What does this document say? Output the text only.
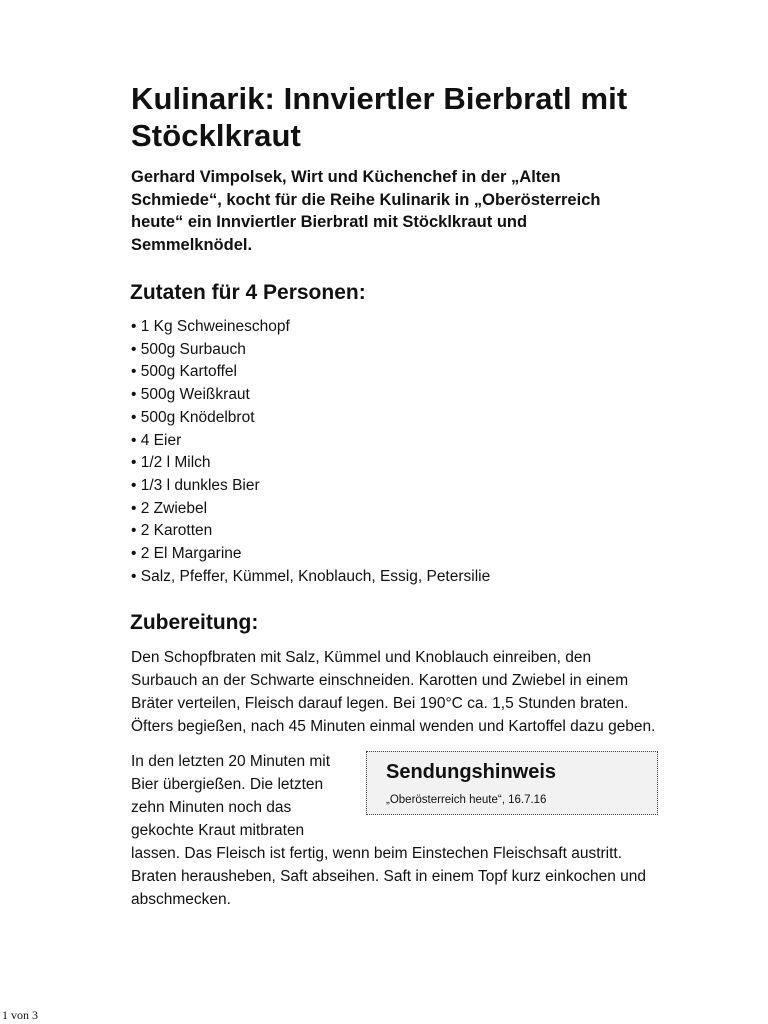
Kulinarik: Innviertler Bierbratl mit Stöcklkraut

Gerhard Vimpolsek, Wirt und Küchenchef in der „Alten Schmiede“, kocht für die Reihe Kulinarik in „Oberösterreich heute“ ein Innviertler Bierbratl mit Stöcklkraut und Semmelknödel.

Zutaten für 4 Personen:
• 1 Kg Schweineschopf
• 500g Surbauch
• 500g Kartoffel
• 500g Weißkraut
• 500g Knödelbrot
• 4 Eier
• 1/2 l Milch
• 1/3 l dunkles Bier
• 2 Zwiebel
• 2 Karotten
• 2 El Margarine
• Salz, Pfeffer, Kümmel, Knoblauch, Essig, Petersilie
Zubereitung:

Den Schopfbraten mit Salz, Kümmel und Knoblauch einreiben, den Surbauch an der Schwarte einschneiden. Karotten und Zwiebel in einem Bräter verteilen, Fleisch darauf legen. Bei 190°C ca. 1,5 Stunden braten. Öfters begießen, nach 45 Minuten einmal wenden und Kartoffel dazu geben.

Sendungshinweis
„Oberösterreich heute“, 16.7.16

In den letzten 20 Minuten mit Bier übergießen. Die letzten zehn Minuten noch das gekochte Kraut mitbraten lassen. Das Fleisch ist fertig, wenn beim Einstechen Fleischsaft austritt. Braten herausheben, Saft abseihen. Saft in einem Topf kurz einkochen und abschmecken.

1 von 3
